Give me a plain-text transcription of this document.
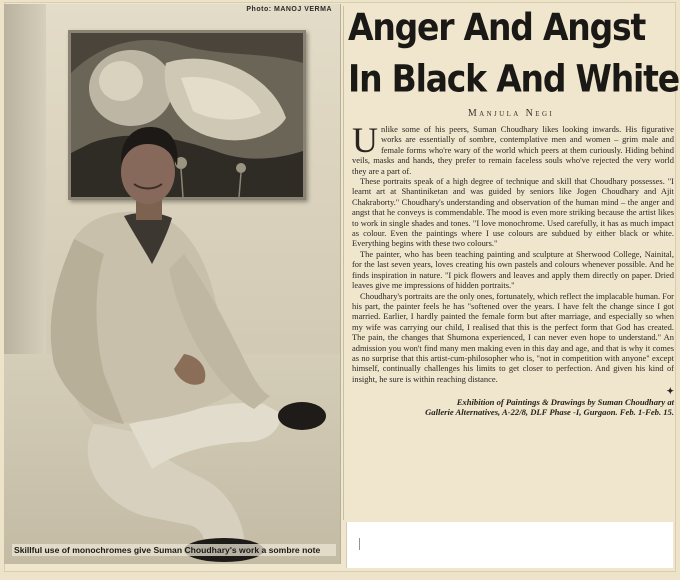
Photo: MANOJ VERMA
Skillful use of monochromes give Suman Choudhary's work a sombre note
Anger And Angst
In Black And White
Manjula Negi

Unlike some of his peers, Suman Choudhary likes looking inwards. His figurative works are essentially of sombre, contemplative men and women – grim male and female forms who're wary of the world which peers at them curiously. Hiding behind veils, masks and hands, they prefer to remain faceless souls who've rejected the very world they are a part of.

These portraits speak of a high degree of technique and skill that Choudhary possesses. "I learnt art at Shantiniketan and was guided by seniors like Jogen Choudhary and Ajit Chakraborty." Choudhary's understanding and observation of the human mind – the anger and angst that he conveys is commendable. The mood is even more striking because the artist likes to work in single shades and tones. "I love monochrome. Used carefully, it has as much impact as colour. Even the paintings where I use colours are subdued by either black or white. Everything begins with these two colours."

The painter, who has been teaching painting and sculpture at Sherwood College, Nainital, for the last seven years, loves creating his own pastels and colours whenever possible. And he finds inspiration in nature. "I pick flowers and leaves and apply them directly on paper. Dried leaves give me impressions of hidden portraits."

Choudhary's portraits are the only ones, fortunately, which reflect the implacable human. For his part, the painter feels he has "softened over the years. I have felt the change since I got married. Earlier, I hardly painted the female form but after marriage, and especially so when my wife was carrying our child, I realised that this is the perfect form that God has created. The pain, the changes that Shumona experienced, I can never even hope to understand." An admission you won't find many men making even in this day and age, and that is why it comes as no surprise that this artist-cum-philosopher who is, "not in competition with anyone" except himself, continually challenges his limits to get closer to perfection. And given his kind of insight, he sure is within reaching distance.

✦
Exhibition of Paintings & Drawings by Suman Choudhary at
Gallerie Alternatives, A-22/8, DLF Phase -I, Gurgaon. Feb. 1-Feb. 15.
